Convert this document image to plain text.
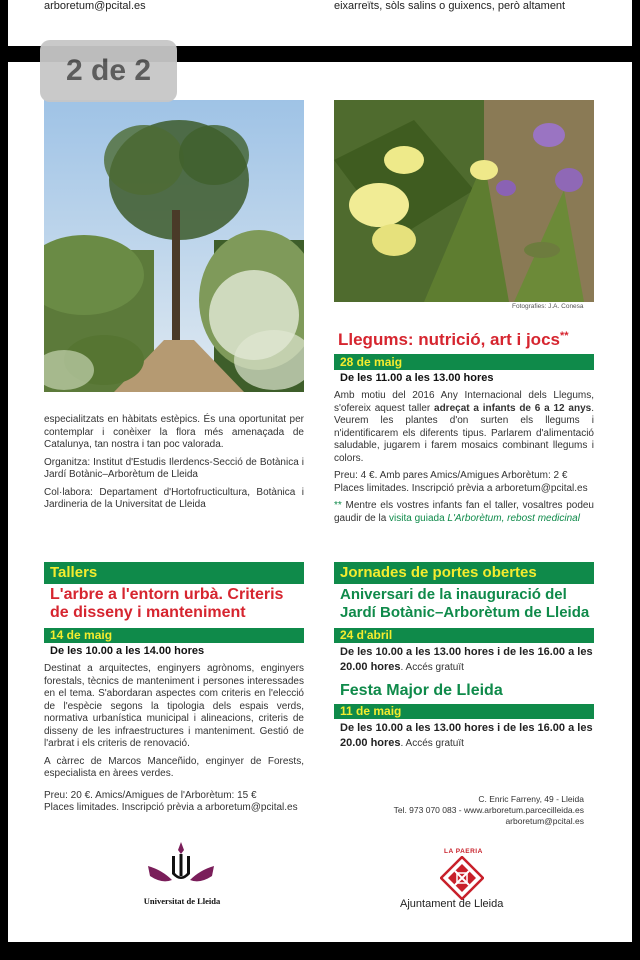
arboretum@pcital.es	eixarreïts, sòls salins o guixencs, però altament
2 de 2
Fotografies: J.A. Conesa

especialitzats en hàbitats estèpics. És una oportunitat per contemplar i conèixer la flora més amenaçada de Catalunya, tan nostra i tan poc valorada.

Organitza: Institut d'Estudis Ilerdencs-Secció de Botànica i Jardí Botànic–Arborètum de Lleida

Col·labora: Departament d'Hortofructicultura, Botànica i Jardineria de la Universitat de Lleida

Llegums: nutrició, art i jocs**
28 de maig
De les 11.00 a les 13.00 hores

Amb motiu del 2016 Any Internacional dels Llegums, s'ofereix aquest taller adreçat a infants de 6 a 12 anys. Veurem les plantes d'on surten els llegums i n'identificarem els diferents tipus. Parlarem d'alimentació saludable, jugarem i farem mosaics combinant llegums i colors.

Preu: 4 €. Amb pares Amics/Amigues Arborètum: 2 €

Places limitades. Inscripció prèvia a arboretum@pcital.es

** Mentre els vostres infants fan el taller, vosaltres podeu gaudir de la visita guiada L'Arborètum, rebost medicinal

Tallers
L'arbre a l'entorn urbà. Criteris de disseny i manteniment
14 de maig
De les 10.00 a les 14.00 hores

Destinat a arquitectes, enginyers agrònoms, enginyers forestals, tècnics de manteniment i persones interessades en el tema. S'abordaran aspectes com criteris en l'elecció de l'espècie segons la tipologia dels espais verds, normativa urbanística municipal i alineacions, criteris de disseny de les infraestructures i manteniment. Gestió de l'arbrat i els criteris de renovació.

A càrrec de Marcos Manceñido, enginyer de Forests, especialista en àrees verdes.

Preu: 20 €. Amics/Amigues de l'Arborètum: 15 €

Places limitades. Inscripció prèvia a arboretum@pcital.es

Jornades de portes obertes
Aniversari de la inauguració del Jardí Botànic–Arborètum de Lleida
24 d'abril
De les 10.00 a les 13.00 hores i de les 16.00 a les 20.00 hores. Accés gratuït
Festa Major de Lleida
11 de maig
De les 10.00 a les 13.00 hores i de les 16.00 a les 20.00 hores. Accés gratuït
C. Enric Farreny, 49 - Lleida
Tel. 973 070 083 - www.arboretum.parcecilleida.es
arboretum@pcital.es
Universitat de Lleida
LA PAERIA
Ajuntament de Lleida
